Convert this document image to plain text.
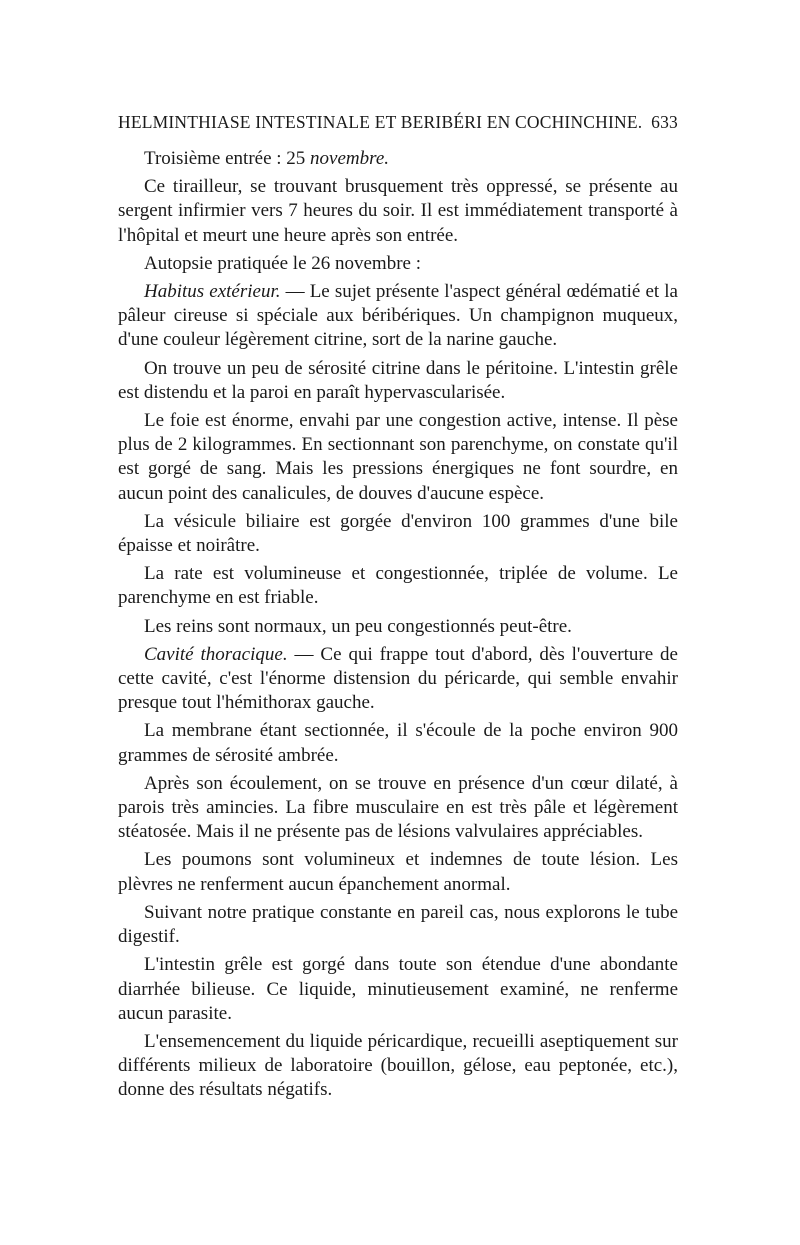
HELMINTHIASE INTESTINALE ET BERIBÉRI EN COCHINCHINE. 633

Troisième entrée : 25 novembre.

Ce tirailleur, se trouvant brusquement très oppressé, se présente au sergent infirmier vers 7 heures du soir. Il est immédiatement transporté à l'hôpital et meurt une heure après son entrée.

Autopsie pratiquée le 26 novembre :

Habitus extérieur. — Le sujet présente l'aspect général œdématié et la pâleur cireuse si spéciale aux béribériques. Un champignon muqueux, d'une couleur légèrement citrine, sort de la narine gauche.

On trouve un peu de sérosité citrine dans le péritoine. L'intestin grêle est distendu et la paroi en paraît hypervascularisée.

Le foie est énorme, envahi par une congestion active, intense. Il pèse plus de 2 kilogrammes. En sectionnant son parenchyme, on constate qu'il est gorgé de sang. Mais les pressions énergiques ne font sourdre, en aucun point des canalicules, de douves d'aucune espèce.

La vésicule biliaire est gorgée d'environ 100 grammes d'une bile épaisse et noirâtre.

La rate est volumineuse et congestionnée, triplée de volume. Le parenchyme en est friable.

Les reins sont normaux, un peu congestionnés peut-être.

Cavité thoracique. — Ce qui frappe tout d'abord, dès l'ouverture de cette cavité, c'est l'énorme distension du péricarde, qui semble envahir presque tout l'hémithorax gauche.

La membrane étant sectionnée, il s'écoule de la poche environ 900 grammes de sérosité ambrée.

Après son écoulement, on se trouve en présence d'un cœur dilaté, à parois très amincies. La fibre musculaire en est très pâle et légèrement stéatosée. Mais il ne présente pas de lésions valvulaires appréciables.

Les poumons sont volumineux et indemnes de toute lésion. Les plèvres ne renferment aucun épanchement anormal.

Suivant notre pratique constante en pareil cas, nous explorons le tube digestif.

L'intestin grêle est gorgé dans toute son étendue d'une abondante diarrhée bilieuse. Ce liquide, minutieusement examiné, ne renferme aucun parasite.

L'ensemencement du liquide péricardique, recueilli aseptiquement sur différents milieux de laboratoire (bouillon, gélose, eau peptonée, etc.), donne des résultats négatifs.
